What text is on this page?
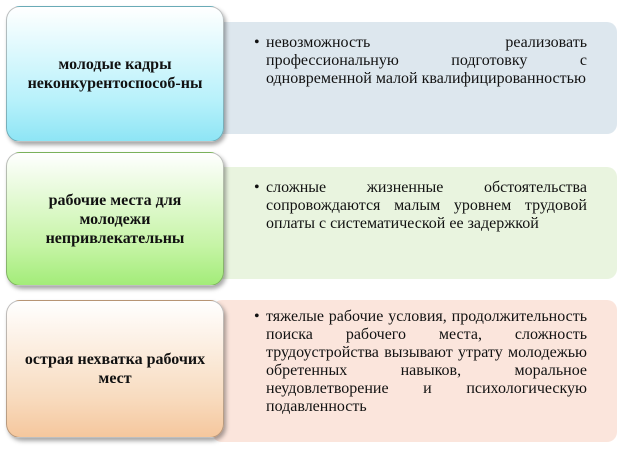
• невозможность реализовать профессиональную подготовку с одновременной малой квалифицированностью
молодые кадры неконкурентоспособ-ны
• сложные жизненные обстоятельства сопровождаются малым уровнем трудовой оплаты с систематической ее задержкой
рабочие места для молодежи непривлекательны
• тяжелые рабочие условия, продолжительность поиска рабочего места, сложность трудоустройства вызывают утрату молодежью обретенных навыков, моральное неудовлетворение и психологическую подавленность
острая нехватка рабочих мест
